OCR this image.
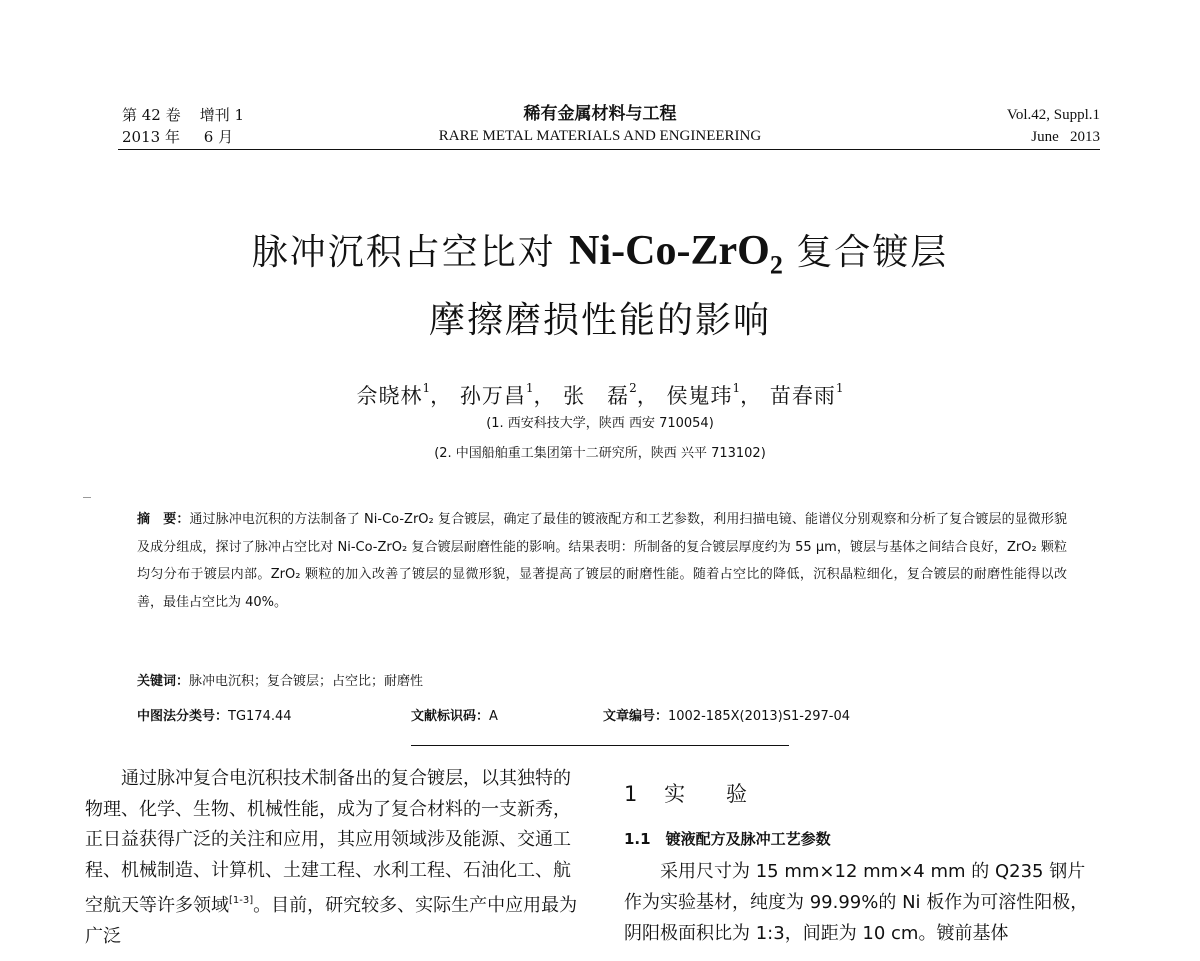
第 42 卷    增刊 1
2013 年     6 月
稀有金属材料与工程
RARE METAL MATERIALS AND ENGINEERING
Vol.42, Suppl.1
June   2013
脉冲沉积占空比对 Ni-Co-ZrO$_2$ 复合镀层
摩擦磨损性能的影响
佘晓林$^1$， 孙万昌$^1$， 张　磊$^2$， 侯嵬玮$^1$， 苗春雨$^1$
(1. 西安科技大学，陕西 西安 710054)
(2. 中国船舶重工集团第十二研究所，陕西 兴平 713102)
摘　要：通过脉冲电沉积的方法制备了 Ni-Co-ZrO₂ 复合镀层，确定了最佳的镀液配方和工艺参数，利用扫描电镜、能谱仪分别观察和分析了复合镀层的显微形貌及成分组成，探讨了脉冲占空比对 Ni-Co-ZrO₂ 复合镀层耐磨性能的影响。结果表明：所制备的复合镀层厚度约为 55 μm，镀层与基体之间结合良好，ZrO₂ 颗粒均匀分布于镀层内部。ZrO₂ 颗粒的加入改善了镀层的显微形貌，显著提高了镀层的耐磨性能。随着占空比的降低，沉积晶粒细化，复合镀层的耐磨性能得以改善，最佳占空比为 40%。
关键词：脉冲电沉积；复合镀层；占空比；耐磨性
中图法分类号：TG174.44	文献标识码：A	文章编号：1002-185X(2013)S1-297-04

通过脉冲复合电沉积技术制备出的复合镀层，以其独特的物理、化学、生物、机械性能，成为了复合材料的一支新秀，正日益获得广泛的关注和应用，其应用领域涉及能源、交通工程、机械制造、计算机、土建工程、水利工程、石油化工、航空航天等许多领域[1-3]。目前，研究较多、实际生产中应用最为广泛

1 实　验
1.1　镀液配方及脉冲工艺参数

采用尺寸为 15 mm×12 mm×4 mm 的 Q235 钢片作为实验基材，纯度为 99.99%的 Ni 板作为可溶性阳极，阴阳极面积比为 1:3，间距为 10 cm。镀前基体
